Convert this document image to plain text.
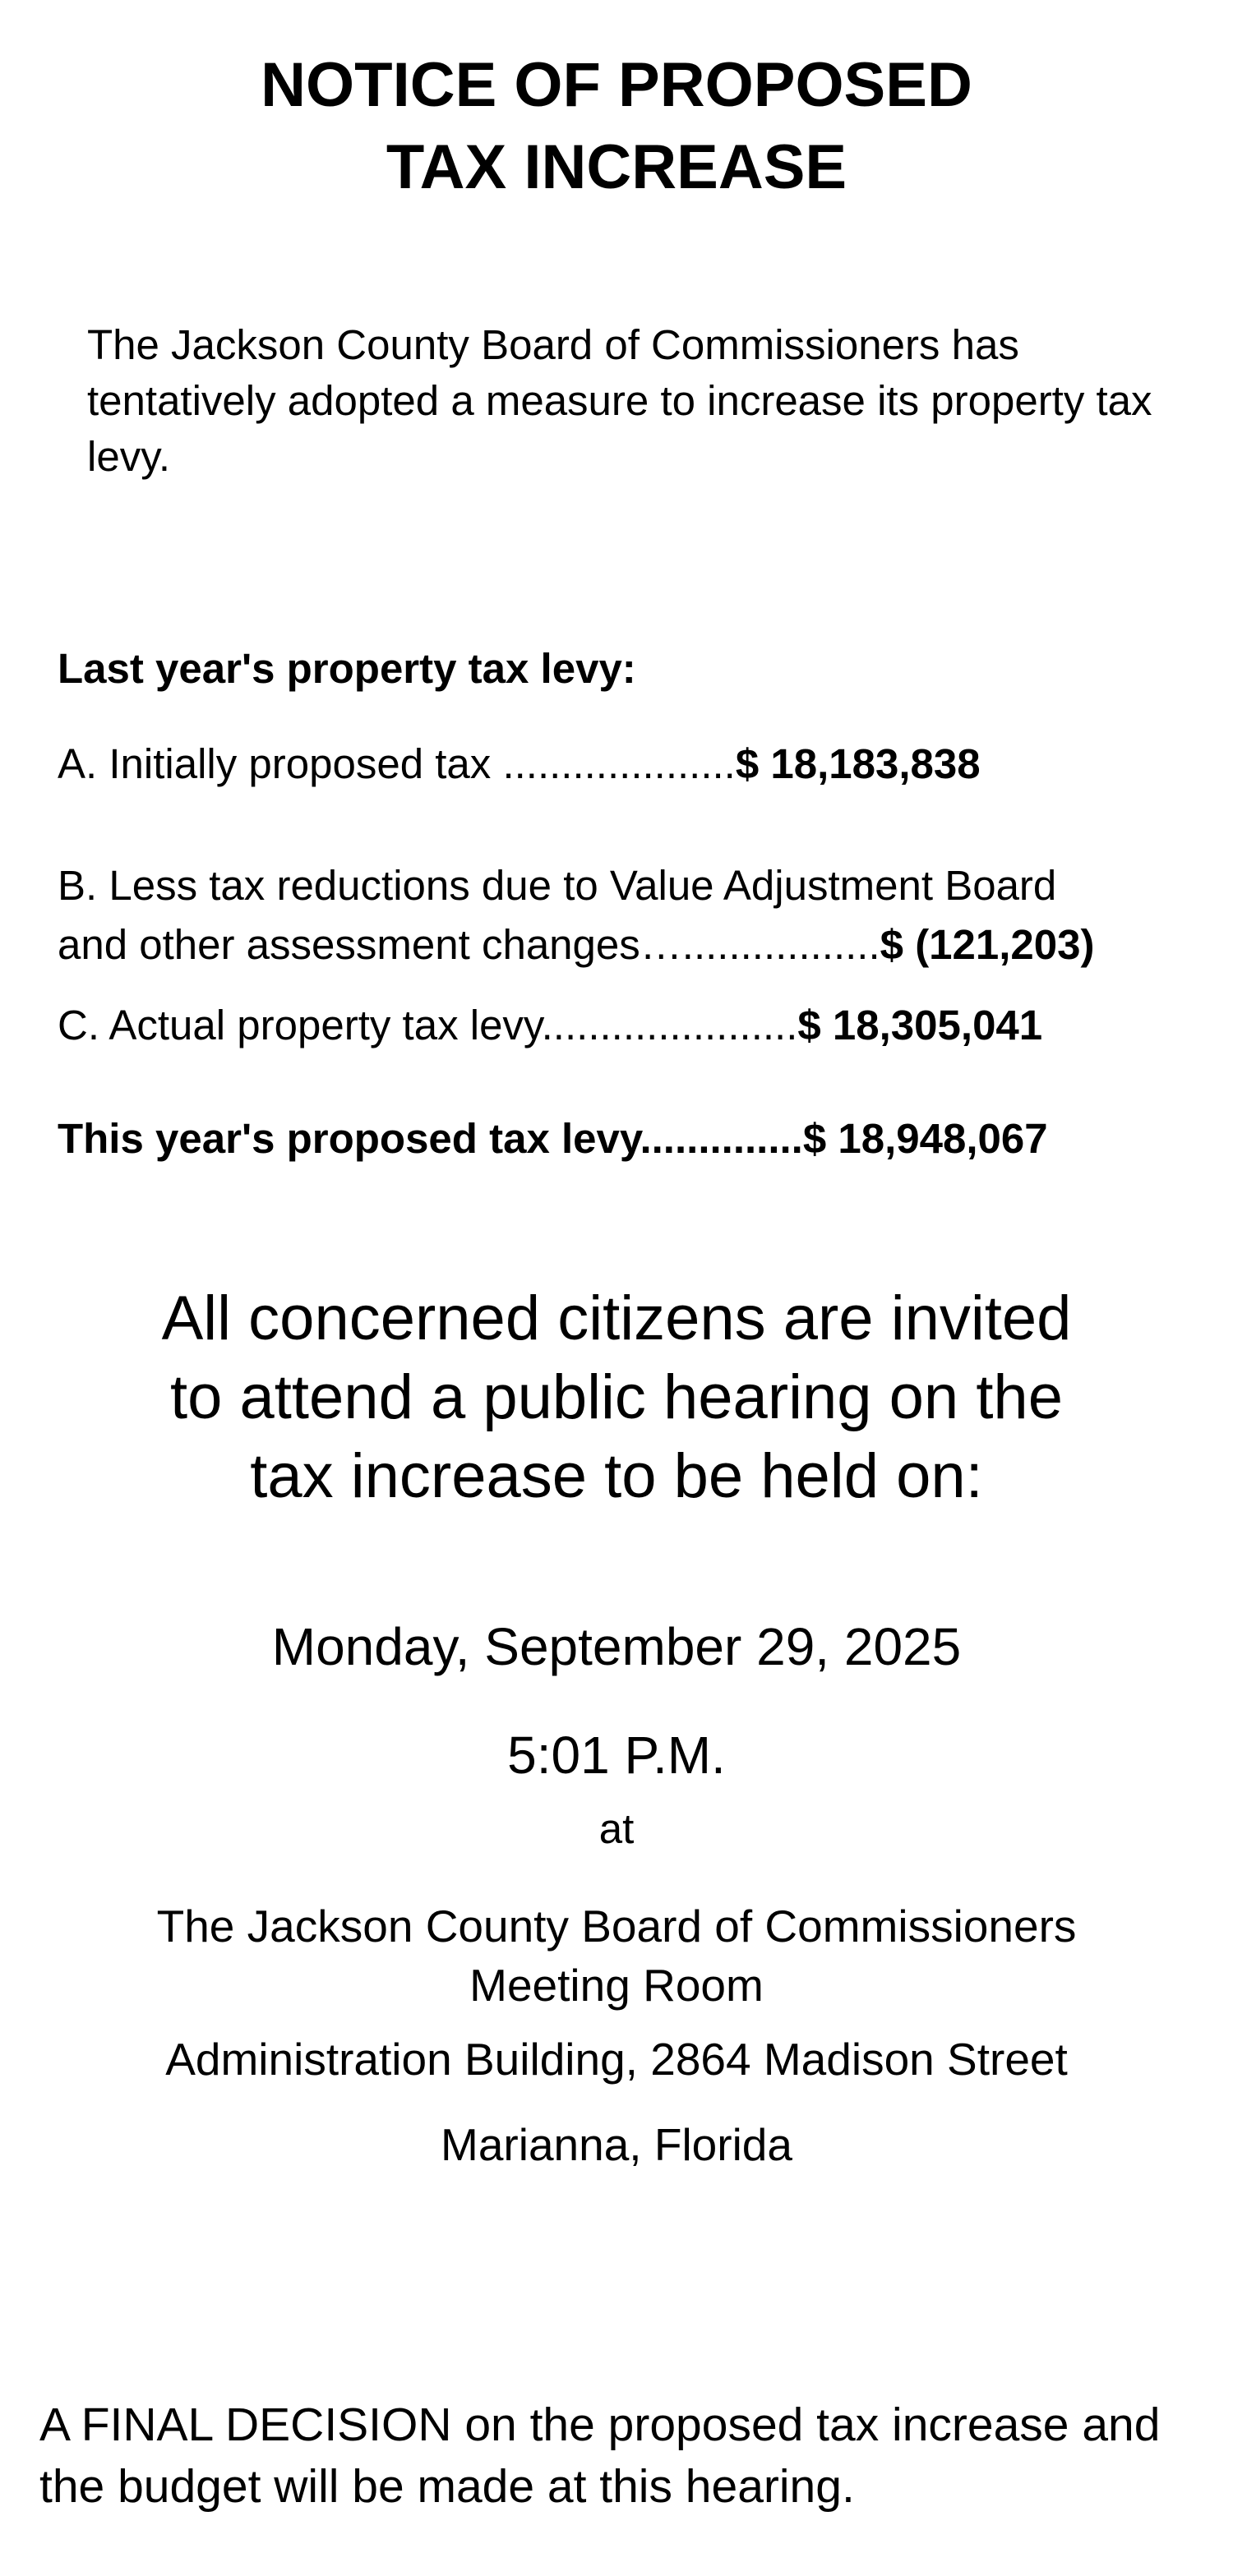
NOTICE OF PROPOSED
TAX INCREASE
The Jackson County Board of Commissioners has tentatively adopted a measure to increase its property tax levy.
Last year's property tax levy:
A. Initially proposed tax ....................$ 18,183,838
B. Less tax reductions due to Value Adjustment Board
and other assessment changes….................$ (121,203)
C. Actual property tax levy......................$ 18,305,041
This year's proposed tax levy..............$ 18,948,067
All concerned citizens are invited to attend a public hearing on the tax increase to be held on:
Monday, September 29, 2025
5:01 P.M.
at
The Jackson County Board of Commissioners
Meeting Room
Administration Building, 2864 Madison Street
Marianna, Florida
A FINAL DECISION on the proposed tax increase and the budget will be made at this hearing.
